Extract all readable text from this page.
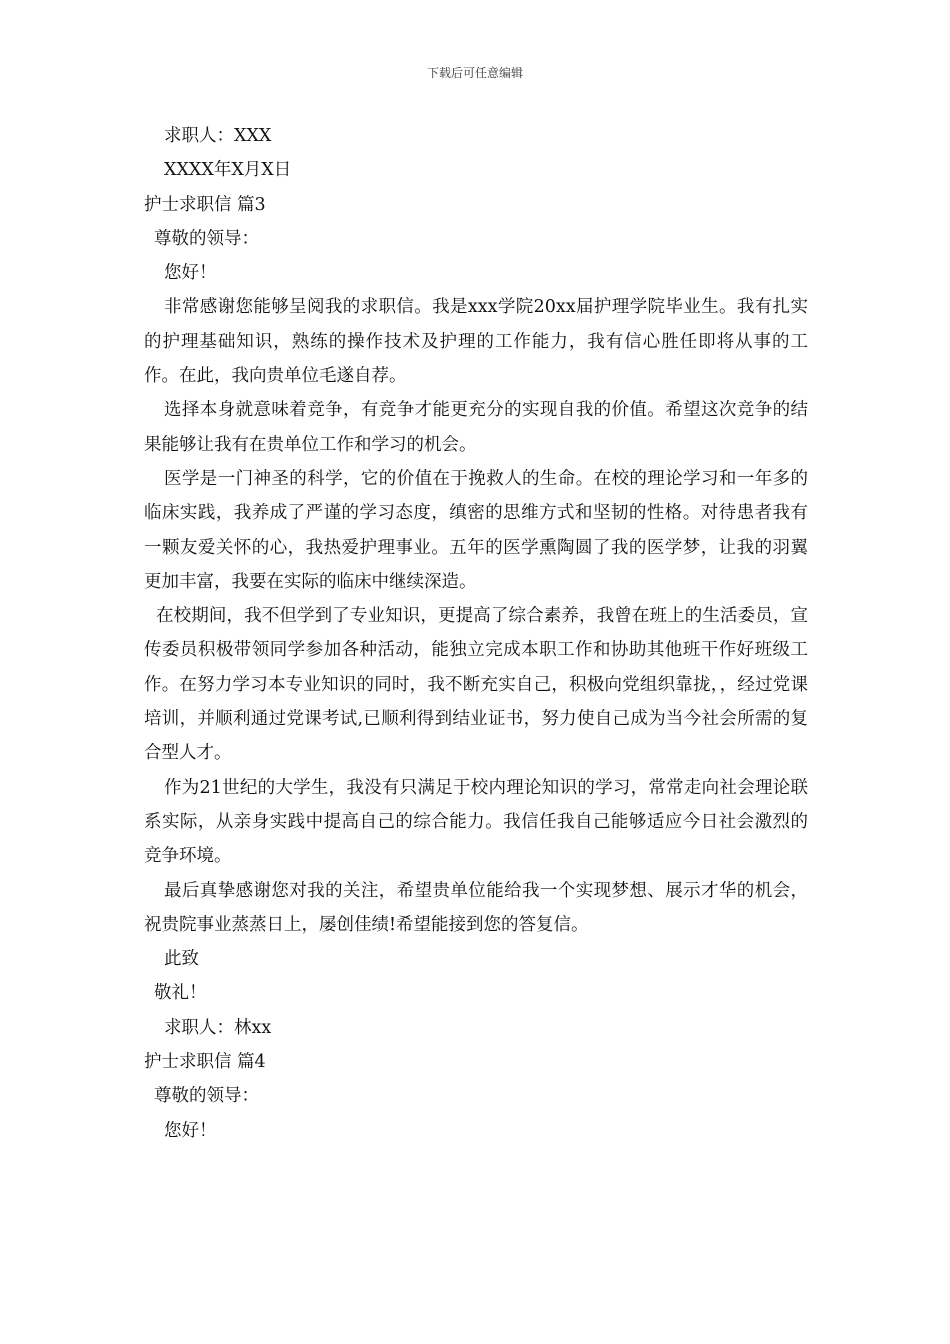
下载后可任意编辑
求职人：XXX
XXXX年X月X日
护士求职信 篇3
尊敬的领导：
您好！
非常感谢您能够呈阅我的求职信。我是xxx学院20xx届护理学院毕业生。我有扎实的护理基础知识，熟练的操作技术及护理的工作能力，我有信心胜任即将从事的工作。在此，我向贵单位毛遂自荐。
选择本身就意味着竞争，有竞争才能更充分的实现自我的价值。希望这次竞争的结果能够让我有在贵单位工作和学习的机会。
医学是一门神圣的科学，它的价值在于挽救人的生命。在校的理论学习和一年多的临床实践，我养成了严谨的学习态度，缜密的思维方式和坚韧的性格。对待患者我有一颗友爱关怀的心，我热爱护理事业。五年的医学熏陶圆了我的医学梦，让我的羽翼更加丰富，我要在实际的临床中继续深造。
在校期间，我不但学到了专业知识，更提高了综合素养，我曾在班上的生活委员，宣传委员积极带领同学参加各种活动，能独立完成本职工作和协助其他班干作好班级工作。在努力学习本专业知识的同时，我不断充实自己，积极向党组织靠拢，，经过党课培训，并顺利通过党课考试,已顺利得到结业证书，努力使自己成为当今社会所需的复合型人才。
作为21世纪的大学生，我没有只满足于校内理论知识的学习，常常走向社会理论联系实际，从亲身实践中提高自己的综合能力。我信任我自己能够适应今日社会激烈的竞争环境。
最后真挚感谢您对我的关注，希望贵单位能给我一个实现梦想、展示才华的机会，祝贵院事业蒸蒸日上，屡创佳绩!希望能接到您的答复信。
此致
敬礼！
求职人：林xx
护士求职信 篇4
尊敬的领导：
您好！
